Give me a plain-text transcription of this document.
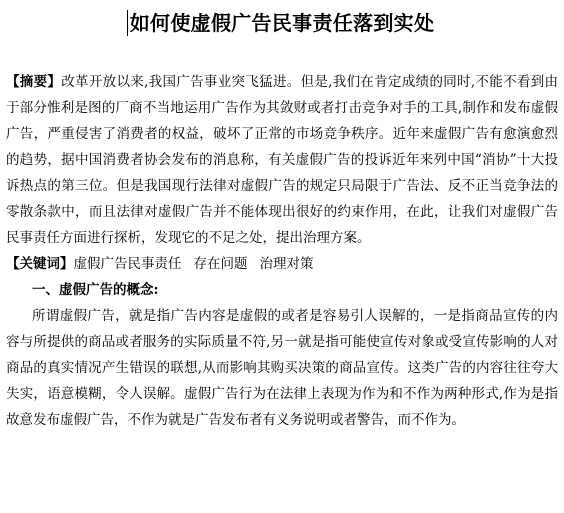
如何使虚假广告民事责任落到实处

【摘要】改革开放以来,我国广告事业突飞猛进。但是,我们在肯定成绩的同时,不能不看到由于部分惟利是图的厂商不当地运用广告作为其敛财或者打击竞争对手的工具,制作和发布虚假广告，严重侵害了消费者的权益，破坏了正常的市场竞争秩序。近年来虚假广告有愈演愈烈的趋势，据中国消费者协会发布的消息称，有关虚假广告的投诉近年来列中国“消协”十大投诉热点的第三位。但是我国现行法律对虚假广告的规定只局限于广告法、反不正当竞争法的零散条款中，而且法律对虚假广告并不能体现出很好的约束作用，在此，让我们对虚假广告民事责任方面进行探析，发现它的不足之处，提出治理方案。

【关键词】虚假广告民事责任 存在问题 治理对策

一、虚假广告的概念:

所谓虚假广告，就是指广告内容是虚假的或者是容易引人误解的，一是指商品宣传的内容与所提供的商品或者服务的实际质量不符,另一就是指可能使宣传对象或受宣传影响的人对商品的真实情况产生错误的联想,从而影响其购买决策的商品宣传。这类广告的内容往往夸大失实，语意模糊，令人误解。虚假广告行为在法律上表现为作为和不作为两种形式,作为是指故意发布虚假广告，不作为就是广告发布者有义务说明或者警告，而不作为。
